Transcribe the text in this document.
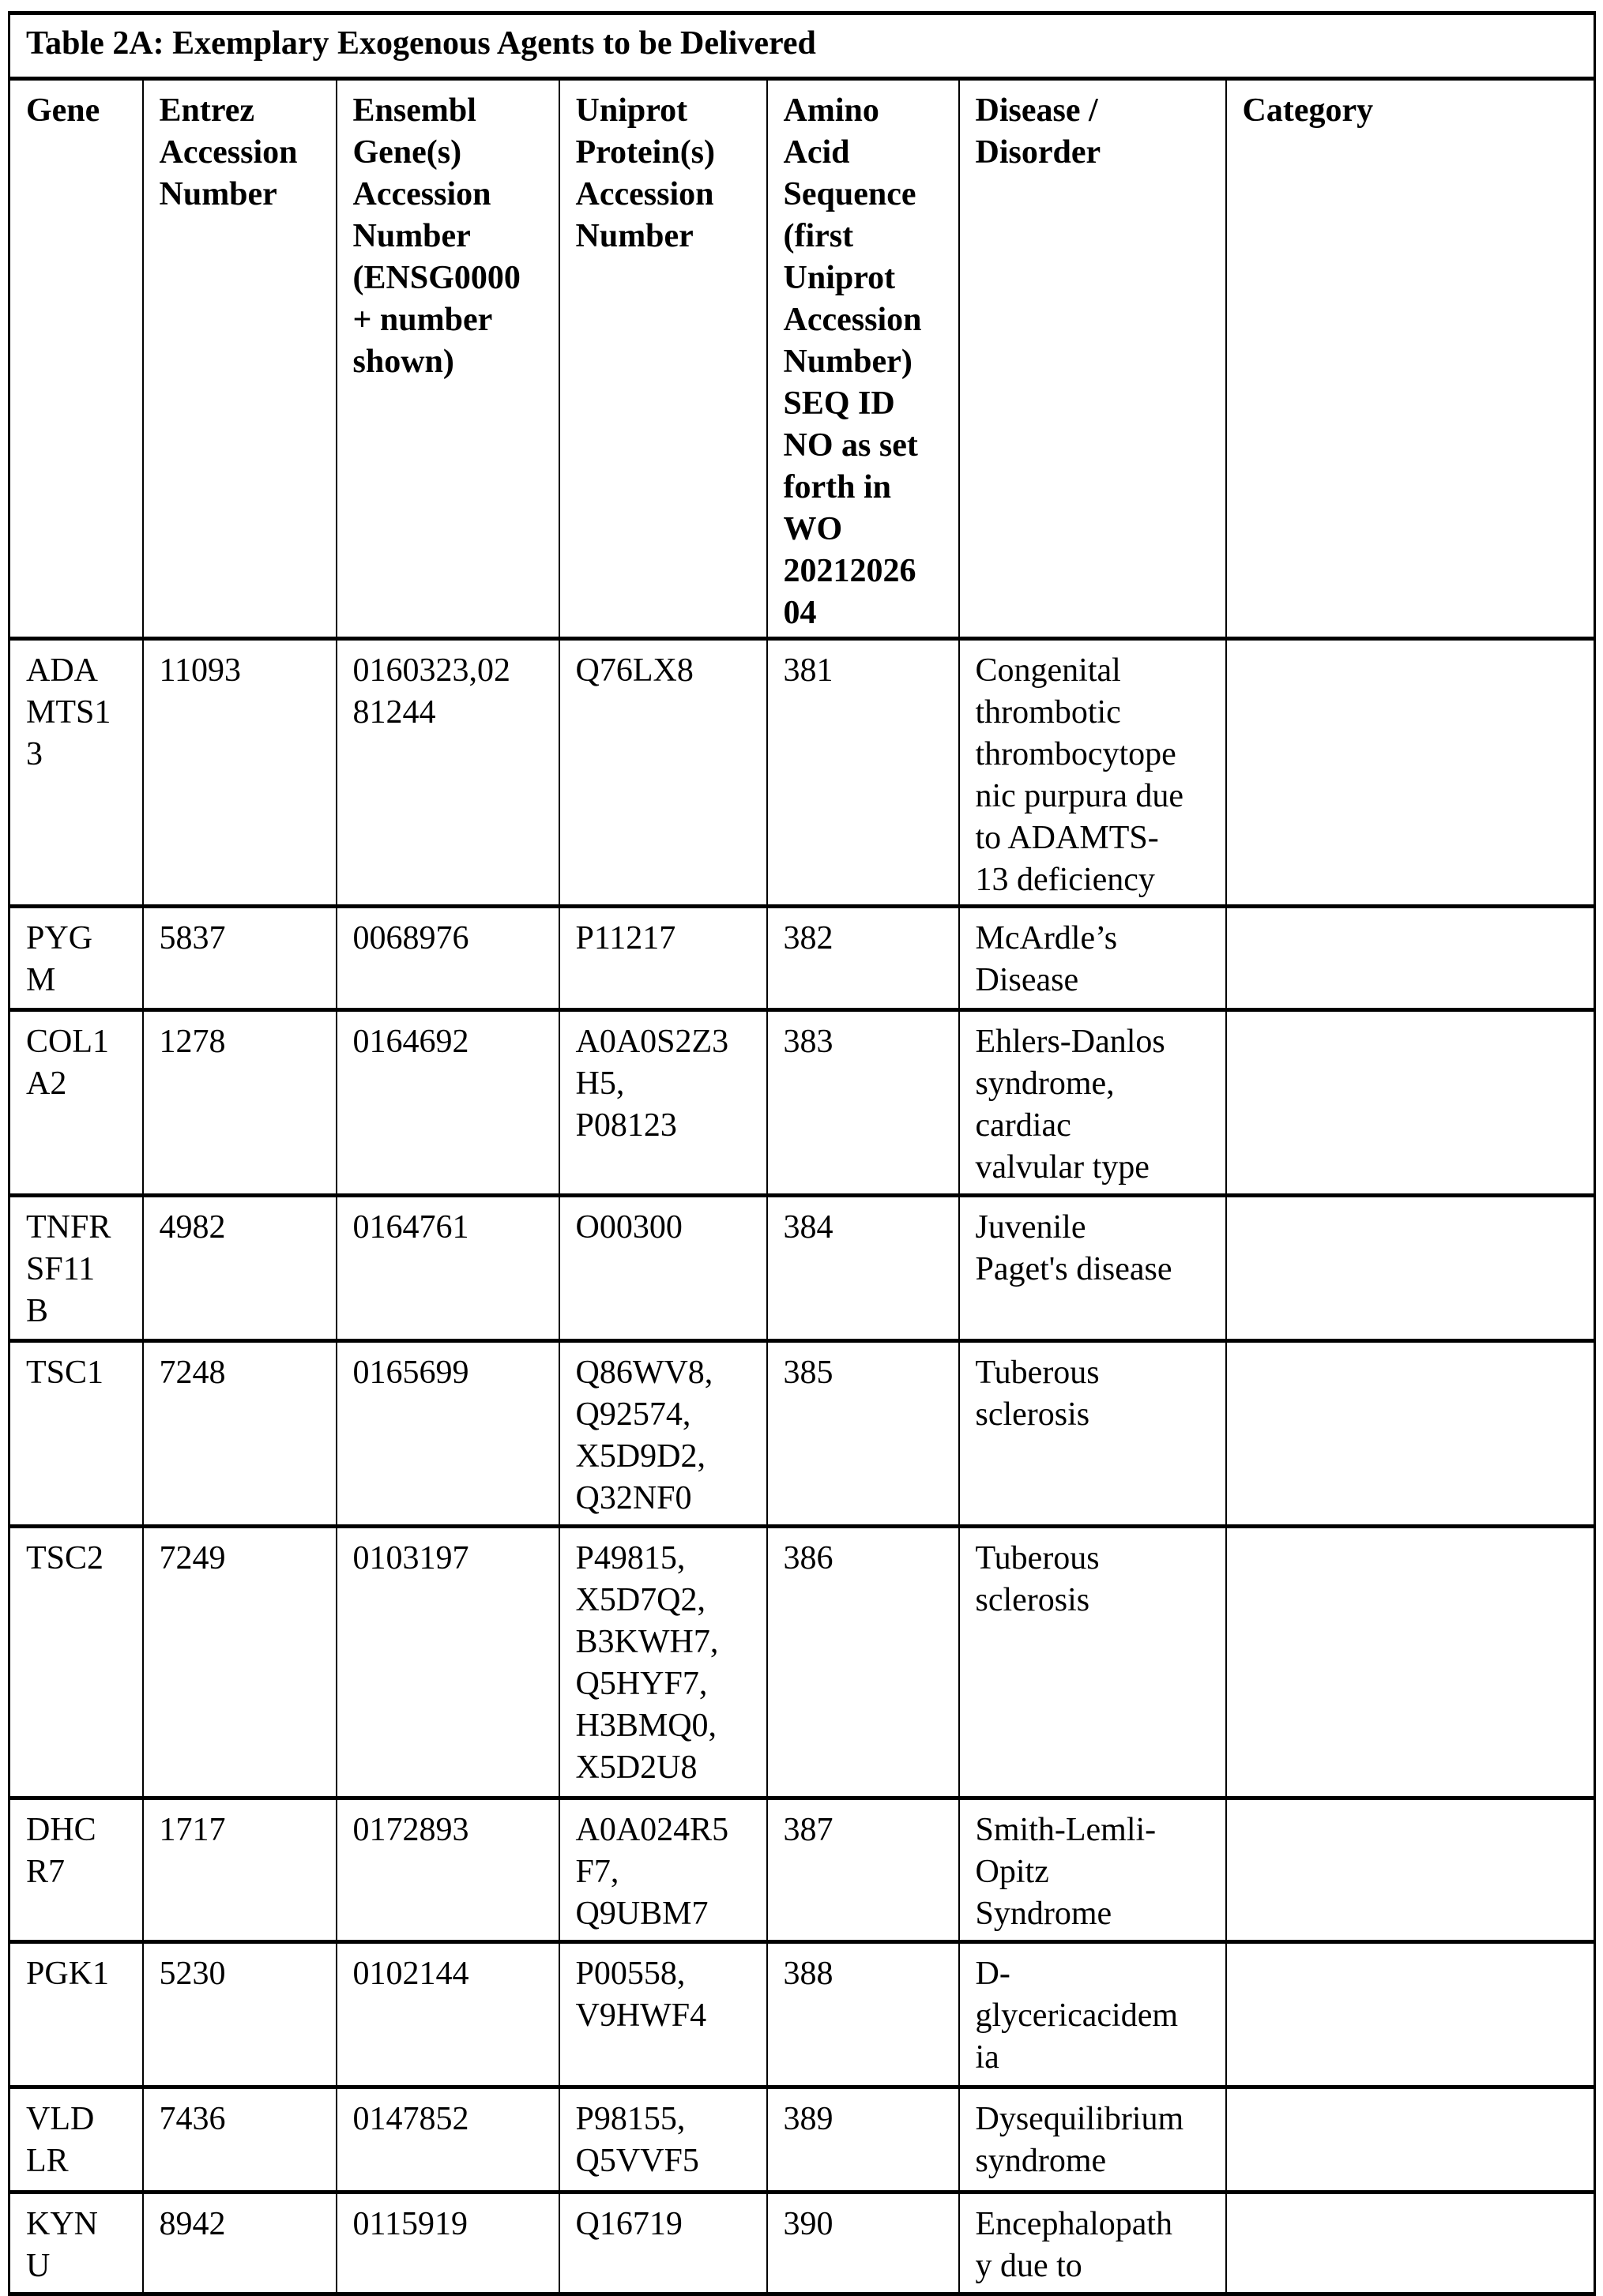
Table 2A: Exemplary Exogenous Agents to be Delivered
Gene	Entrez
Accession
Number	Ensembl
Gene(s)
Accession
Number
(ENSG0000
+ number
shown)	Uniprot
Protein(s)
Accession
Number	Amino
Acid
Sequence
(first
Uniprot
Accession
Number)
SEQ ID
NO as set
forth in
WO
20212026
04	Disease /
Disorder	Category
ADA
MTS1
3	11093	0160323,02
81244	Q76LX8	381	Congenital
thrombotic
thrombocytope
nic purpura due
to ADAMTS-
13 deficiency	
PYG
M	5837	0068976	P11217	382	McArdle’s
Disease	
COL1
A2	1278	0164692	A0A0S2Z3
H5,
P08123	383	Ehlers-Danlos
syndrome,
cardiac
valvular type	
TNFR
SF11
B	4982	0164761	O00300	384	Juvenile
Paget's disease	
TSC1	7248	0165699	Q86WV8,
Q92574,
X5D9D2,
Q32NF0	385	Tuberous
sclerosis	
TSC2	7249	0103197	P49815,
X5D7Q2,
B3KWH7,
Q5HYF7,
H3BMQ0,
X5D2U8	386	Tuberous
sclerosis	
DHC
R7	1717	0172893	A0A024R5
F7,
Q9UBM7	387	Smith-Lemli-
Opitz
Syndrome	
PGK1	5230	0102144	P00558,
V9HWF4	388	D-
glycericacidem
ia	
VLD
LR	7436	0147852	P98155,
Q5VVF5	389	Dysequilibrium
syndrome	
KYN
U	8942	0115919	Q16719	390	Encephalopath
y due to	
